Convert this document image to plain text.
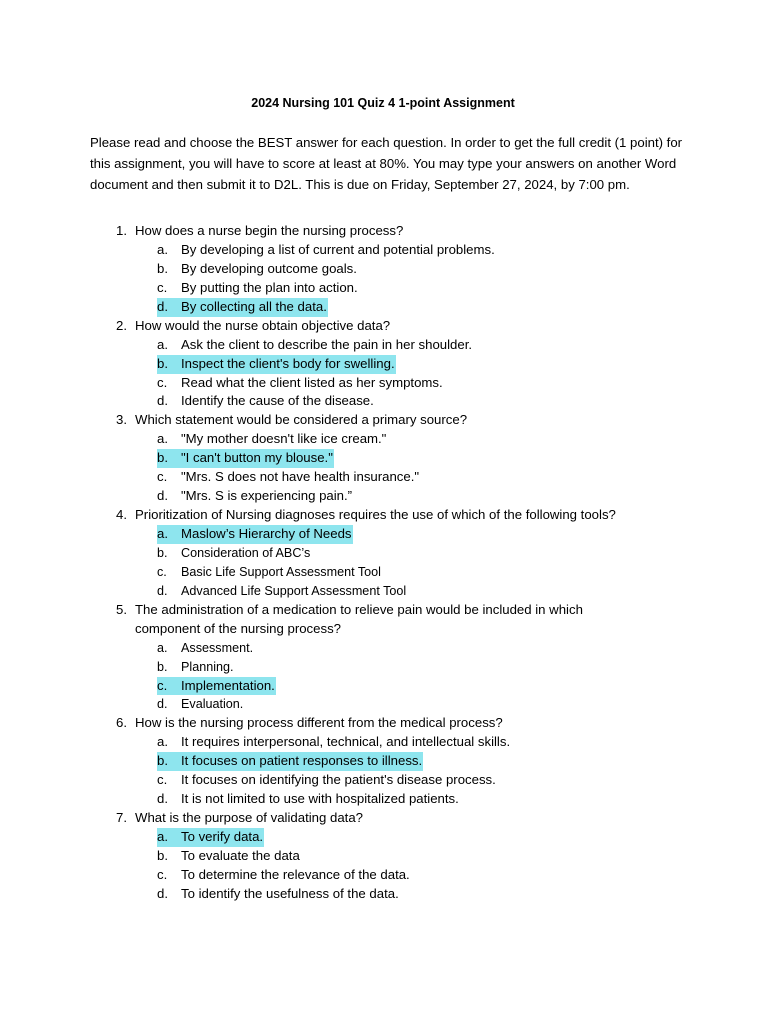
2024 Nursing 101 Quiz 4 1-point Assignment
Please read and choose the BEST answer for each question. In order to get the full credit (1 point) for
this assignment, you will have to score at least at 80%. You may type your answers on another Word
document and then submit it to D2L. This is due on Friday, September 27, 2024, by 7:00 pm.
1. How does a nurse begin the nursing process?
a. By developing a list of current and potential problems.
b. By developing outcome goals.
c. By putting the plan into action.
d. By collecting all the data.
2. How would the nurse obtain objective data?
a. Ask the client to describe the pain in her shoulder.
b. Inspect the client's body for swelling.
c. Read what the client listed as her symptoms.
d. Identify the cause of the disease.
3. Which statement would be considered a primary source?
a. "My mother doesn't like ice cream."
b. "I can't button my blouse."
c. "Mrs. S does not have health insurance."
d. "Mrs. S is experiencing pain.”
4. Prioritization of Nursing diagnoses requires the use of which of the following tools?
a. Maslow’s Hierarchy of Needs
b. Consideration of ABC’s
c. Basic Life Support Assessment Tool
d. Advanced Life Support Assessment Tool
5. The administration of a medication to relieve pain would be included in which
component of the nursing process?
a. Assessment.
b. Planning.
c.	Implementation.
d. Evaluation.
6. How is the nursing process different from the medical process?
a. It requires interpersonal, technical, and intellectual skills.
b. It focuses on patient responses to illness.
c. It focuses on identifying the patient's disease process.
d. It is not limited to use with hospitalized patients.
7. What is the purpose of validating data?
a. To verify data.
b. To evaluate the data
c. To determine the relevance of the data.
d. To identify the usefulness of the data.
